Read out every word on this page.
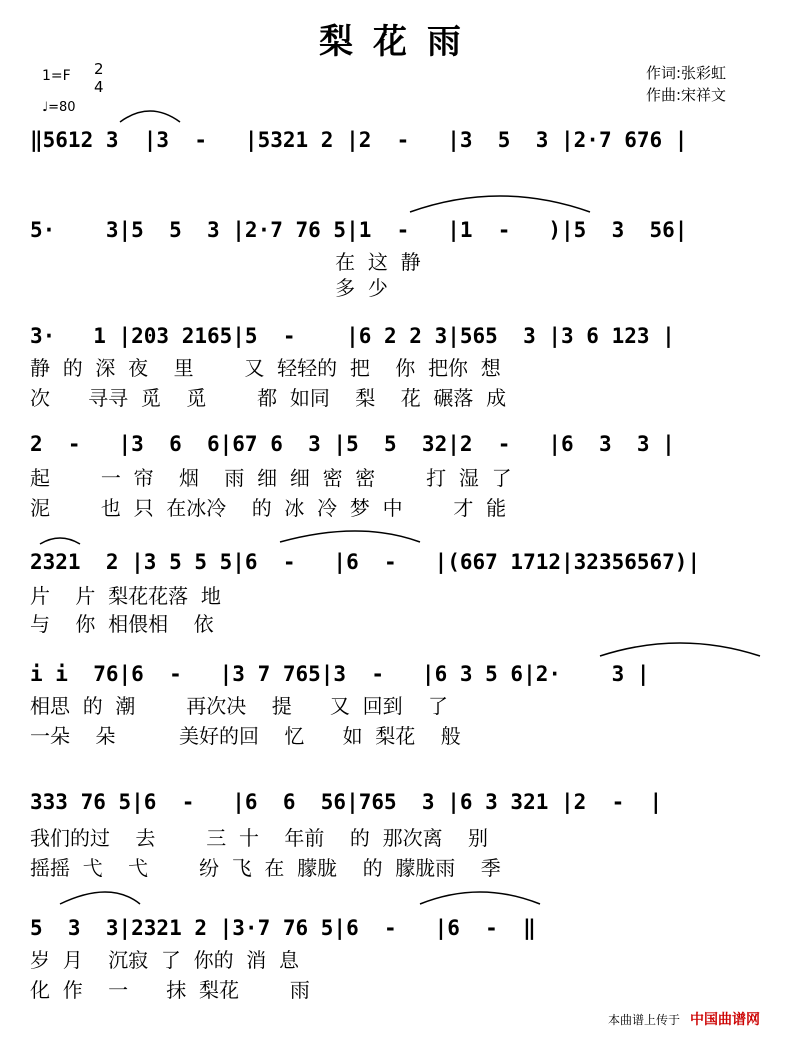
梨花雨
1=F 2
4
♩=80
作词:张彩虹
作曲:宋祥文
‖5612 3  |3  -   |5321 2 |2  -   |3  5  3 |2·7 676 |
5·    3|5  5  3 |2·7 76 5|1  -   |1  -   )|5  3  56|
在  这  静
多  少
3·   1 |203 2165|5  -    |6 2 2 3|565  3 |3 6 123 |
静  的  深  夜    里        又  轻轻的  把    你  把你  想
次      寻寻  觅    觅        都  如同    梨    花  碾落  成
2  -   |3  6  6|67 6  3 |5  5  32|2  -   |6  3  3 |
起        一  帘    烟    雨  细  细  密  密        打  湿  了
泥        也  只  在冰冷    的  冰  冷  梦  中        才  能
2321  2 |3 5 5 5|6  -   |6  -   |(667 1712|32356567)|
片    片  梨花花落  地
与    你  相偎相    依
i i  76|6  -   |3 7 765|3  -   |6 3 5 6|2·    3 |
相思  的  潮        再次决    提      又  回到    了
一朵    朵          美好的回    忆      如  梨花    般
333 76 5|6  -   |6  6  56|765  3 |6 3 321 |2  -  |
我们的过    去        三  十    年前    的  那次离    别
摇摇  弋    弋        纷  飞  在  朦胧    的  朦胧雨    季
5  3  3|2321 2 |3·7 76 5|6  -   |6  -  ‖
岁  月    沉寂  了  你的  消  息
化  作    一      抹  梨花        雨
本曲谱上传于 中国曲谱网
